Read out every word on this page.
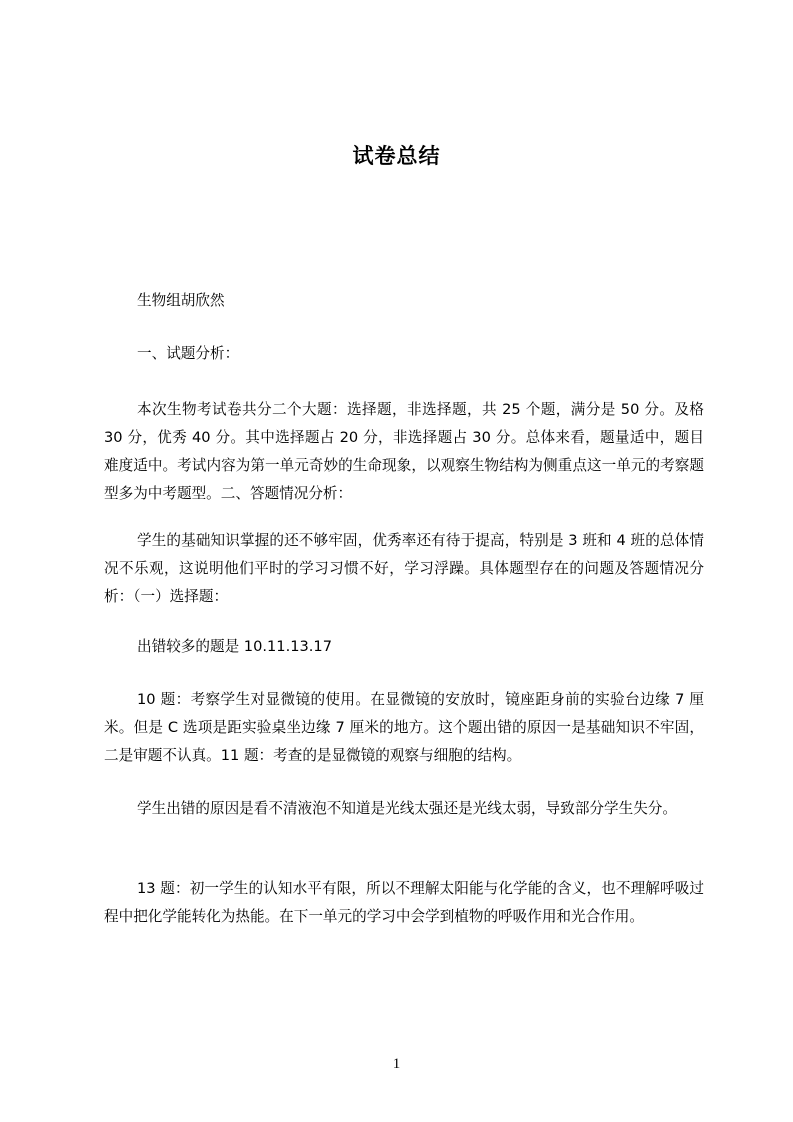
试卷总结

生物组胡欣然

一、试题分析：

本次生物考试卷共分二个大题：选择题，非选择题，共 25 个题，满分是 50 分。及格 30 分，优秀 40 分。其中选择题占 20 分，非选择题占 30 分。总体来看，题量适中，题目难度适中。考试内容为第一单元奇妙的生命现象，以观察生物结构为侧重点这一单元的考察题型多为中考题型。二、答题情况分析：

学生的基础知识掌握的还不够牢固，优秀率还有待于提高，特别是 3 班和 4 班的总体情况不乐观，这说明他们平时的学习习惯不好，学习浮躁。具体题型存在的问题及答题情况分析：（一）选择题：

出错较多的题是 10.11.13.17

10 题：考察学生对显微镜的使用。在显微镜的安放时，镜座距身前的实验台边缘 7 厘米。但是 C 选项是距实验桌坐边缘 7 厘米的地方。这个题出错的原因一是基础知识不牢固，二是审题不认真。11 题：考查的是显微镜的观察与细胞的结构。

学生出错的原因是看不清液泡不知道是光线太强还是光线太弱，导致部分学生失分。

13 题：初一学生的认知水平有限，所以不理解太阳能与化学能的含义，也不理解呼吸过程中把化学能转化为热能。在下一单元的学习中会学到植物的呼吸作用和光合作用。

1
